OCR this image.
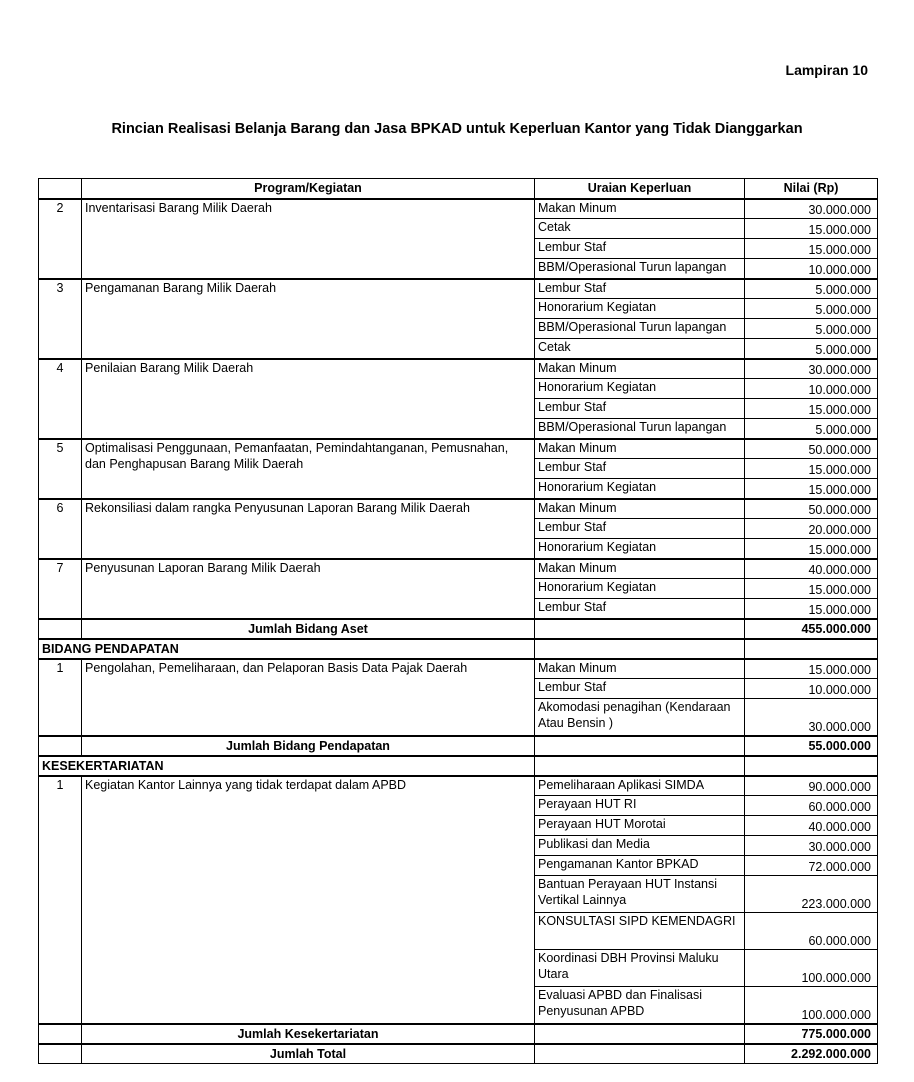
Lampiran 10
Rincian Realisasi Belanja Barang dan Jasa BPKAD untuk Keperluan Kantor yang Tidak Dianggarkan
	Program/Kegiatan	Uraian Keperluan	Nilai (Rp)
2	Inventarisasi Barang Milik Daerah	Makan Minum	30.000.000
		Cetak	15.000.000
		Lembur Staf	15.000.000
		BBM/Operasional Turun lapangan	10.000.000
3	Pengamanan Barang Milik Daerah	Lembur Staf	5.000.000
		Honorarium Kegiatan	5.000.000
		BBM/Operasional Turun lapangan	5.000.000
		Cetak	5.000.000
4	Penilaian Barang Milik Daerah	Makan Minum	30.000.000
		Honorarium Kegiatan	10.000.000
		Lembur Staf	15.000.000
		BBM/Operasional Turun lapangan	5.000.000
5	Optimalisasi Penggunaan, Pemanfaatan, Pemindahtanganan, Pemusnahan, dan Penghapusan Barang Milik Daerah	Makan Minum	50.000.000
		Lembur Staf	15.000.000
		Honorarium Kegiatan	15.000.000
6	Rekonsiliasi dalam rangka Penyusunan Laporan Barang Milik Daerah	Makan Minum	50.000.000
		Lembur Staf	20.000.000
		Honorarium Kegiatan	15.000.000
7	Penyusunan Laporan Barang Milik Daerah	Makan Minum	40.000.000
		Honorarium Kegiatan	15.000.000
		Lembur Staf	15.000.000
	Jumlah Bidang Aset		455.000.000
BIDANG PENDAPATAN			
1	Pengolahan, Pemeliharaan, dan Pelaporan Basis Data Pajak Daerah	Makan Minum	15.000.000
		Lembur Staf	10.000.000
		Akomodasi penagihan (Kendaraan Atau Bensin )	30.000.000
	Jumlah Bidang Pendapatan		55.000.000
KESEKERTARIATAN			
1	Kegiatan Kantor Lainnya yang tidak terdapat dalam APBD	Pemeliharaan Aplikasi SIMDA	90.000.000
		Perayaan HUT RI	60.000.000
		Perayaan HUT Morotai	40.000.000
		Publikasi dan Media	30.000.000
		Pengamanan Kantor BPKAD	72.000.000
		Bantuan Perayaan HUT Instansi Vertikal Lainnya	223.000.000
		KONSULTASI SIPD KEMENDAGRI	60.000.000
		Koordinasi DBH Provinsi Maluku Utara	100.000.000
		Evaluasi APBD dan Finalisasi Penyusunan APBD	100.000.000
	Jumlah Kesekertariatan		775.000.000
	Jumlah Total		2.292.000.000
